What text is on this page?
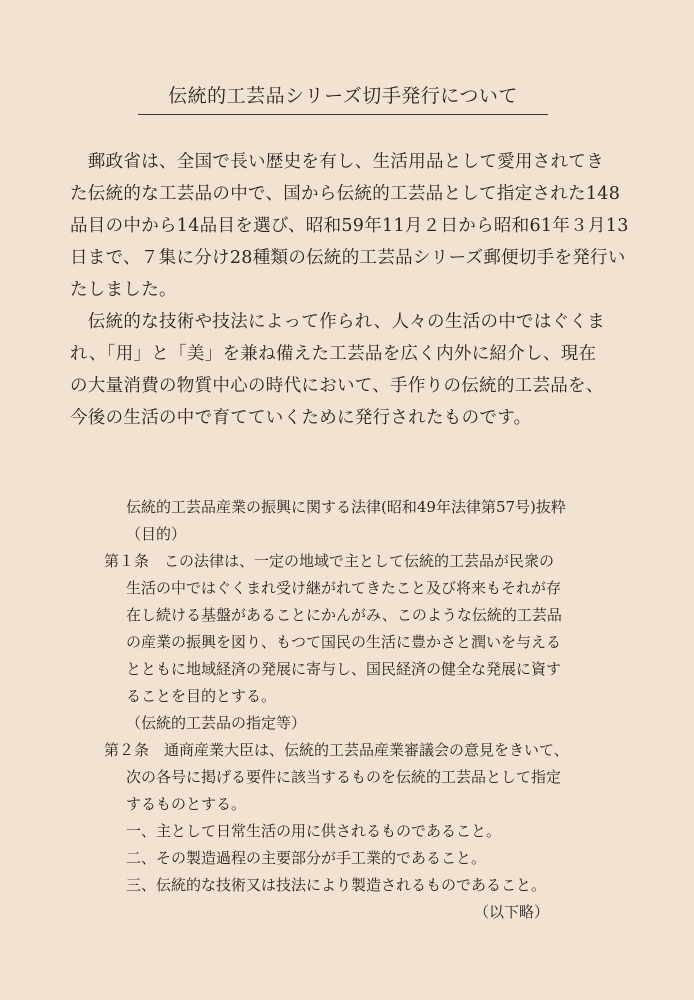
伝統的工芸品シリーズ切手発行について
　郵政省は、全国で長い歴史を有し、生活用品として愛用されてき
た伝統的な工芸品の中で、国から伝統的工芸品として指定された148
品目の中から14品目を選び、昭和59年11月２日から昭和61年３月13
日まで、７集に分け28種類の伝統的工芸品シリーズ郵便切手を発行い
たしました。
　伝統的な技術や技法によって作られ、人々の生活の中ではぐくま
れ、「用」と「美」を兼ね備えた工芸品を広く内外に紹介し、現在
の大量消費の物質中心の時代において、手作りの伝統的工芸品を、
今後の生活の中で育てていくために発行されたものです。
伝統的工芸品産業の振興に関する法律(昭和49年法律第57号)抜粋
（目的）
第１条　この法律は、一定の地域で主として伝統的工芸品が民衆の
生活の中ではぐくまれ受け継がれてきたこと及び将来もそれが存
在し続ける基盤があることにかんがみ、このような伝統的工芸品
の産業の振興を図り、もつて国民の生活に豊かさと潤いを与える
とともに地域経済の発展に寄与し、国民経済の健全な発展に資す
ることを目的とする。
（伝統的工芸品の指定等）
第２条　通商産業大臣は、伝統的工芸品産業審議会の意見をきいて、
次の各号に掲げる要件に該当するものを伝統的工芸品として指定
するものとする。
一、主として日常生活の用に供されるものであること。
二、その製造過程の主要部分が手工業的であること。
三、伝統的な技術又は技法により製造されるものであること。
（以下略）
